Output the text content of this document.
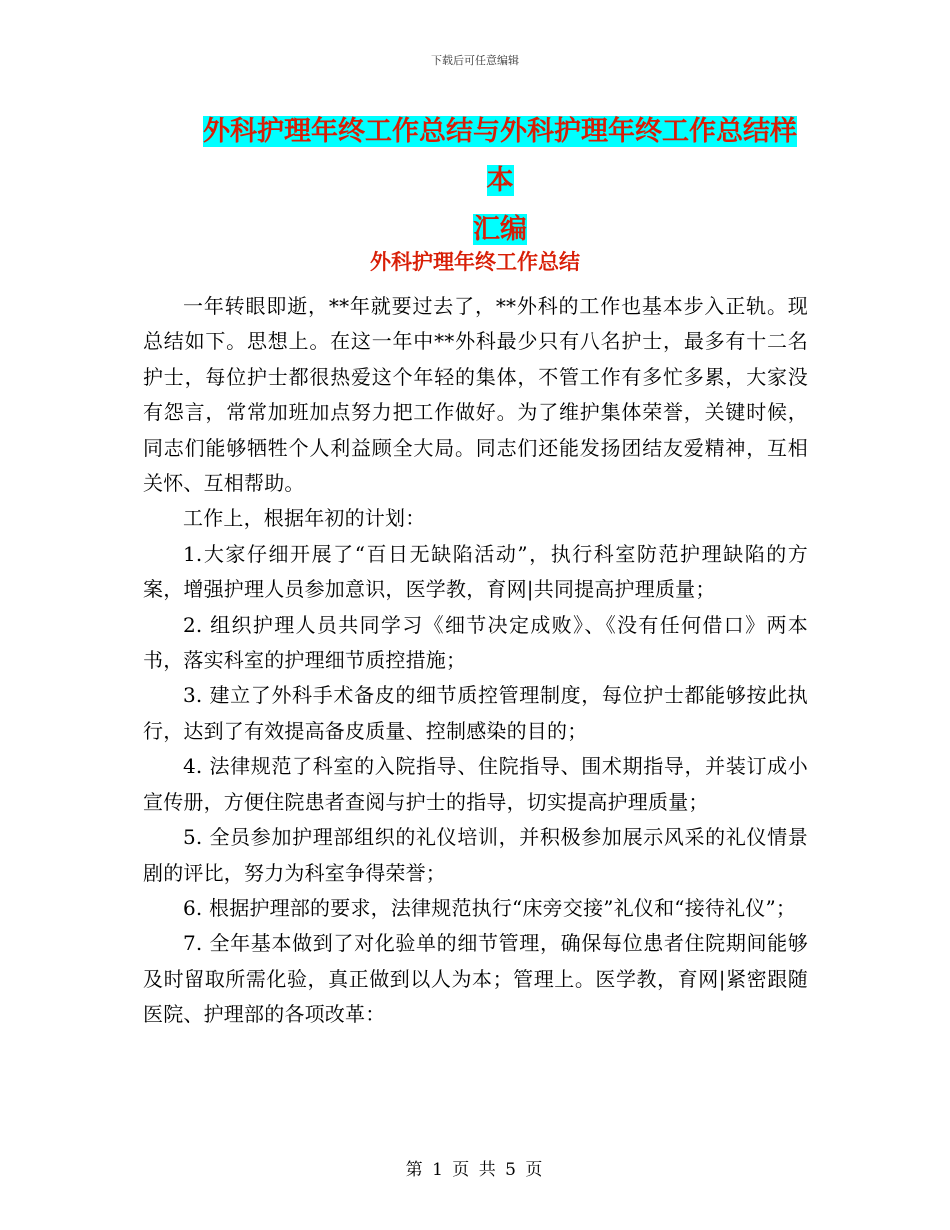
下载后可任意编辑
外科护理年终工作总结与外科护理年终工作总结样本
汇编
外科护理年终工作总结

一年转眼即逝，**年就要过去了，**外科的工作也基本步入正轨。现总结如下。思想上。在这一年中**外科最少只有八名护士，最多有十二名护士，每位护士都很热爱这个年轻的集体，不管工作有多忙多累，大家没有怨言，常常加班加点努力把工作做好。为了维护集体荣誉，关键时候，同志们能够牺牲个人利益顾全大局。同志们还能发扬团结友爱精神，互相关怀、互相帮助。

工作上，根据年初的计划：

1.大家仔细开展了“百日无缺陷活动”，执行科室防范护理缺陷的方案，增强护理人员参加意识，医学教，育网|共同提高护理质量；

2. 组织护理人员共同学习《细节决定成败》、《没有任何借口》两本书，落实科室的护理细节质控措施；

3. 建立了外科手术备皮的细节质控管理制度，每位护士都能够按此执行，达到了有效提高备皮质量、控制感染的目的；

4. 法律规范了科室的入院指导、住院指导、围术期指导，并装订成小宣传册，方便住院患者查阅与护士的指导，切实提高护理质量；

5. 全员参加护理部组织的礼仪培训，并积极参加展示风采的礼仪情景剧的评比，努力为科室争得荣誉；

6. 根据护理部的要求，法律规范执行“床旁交接”礼仪和“接待礼仪”；

7. 全年基本做到了对化验单的细节管理，确保每位患者住院期间能够及时留取所需化验，真正做到以人为本；管理上。医学教，育网|紧密跟随医院、护理部的各项改革：

第 1 页 共 5 页
